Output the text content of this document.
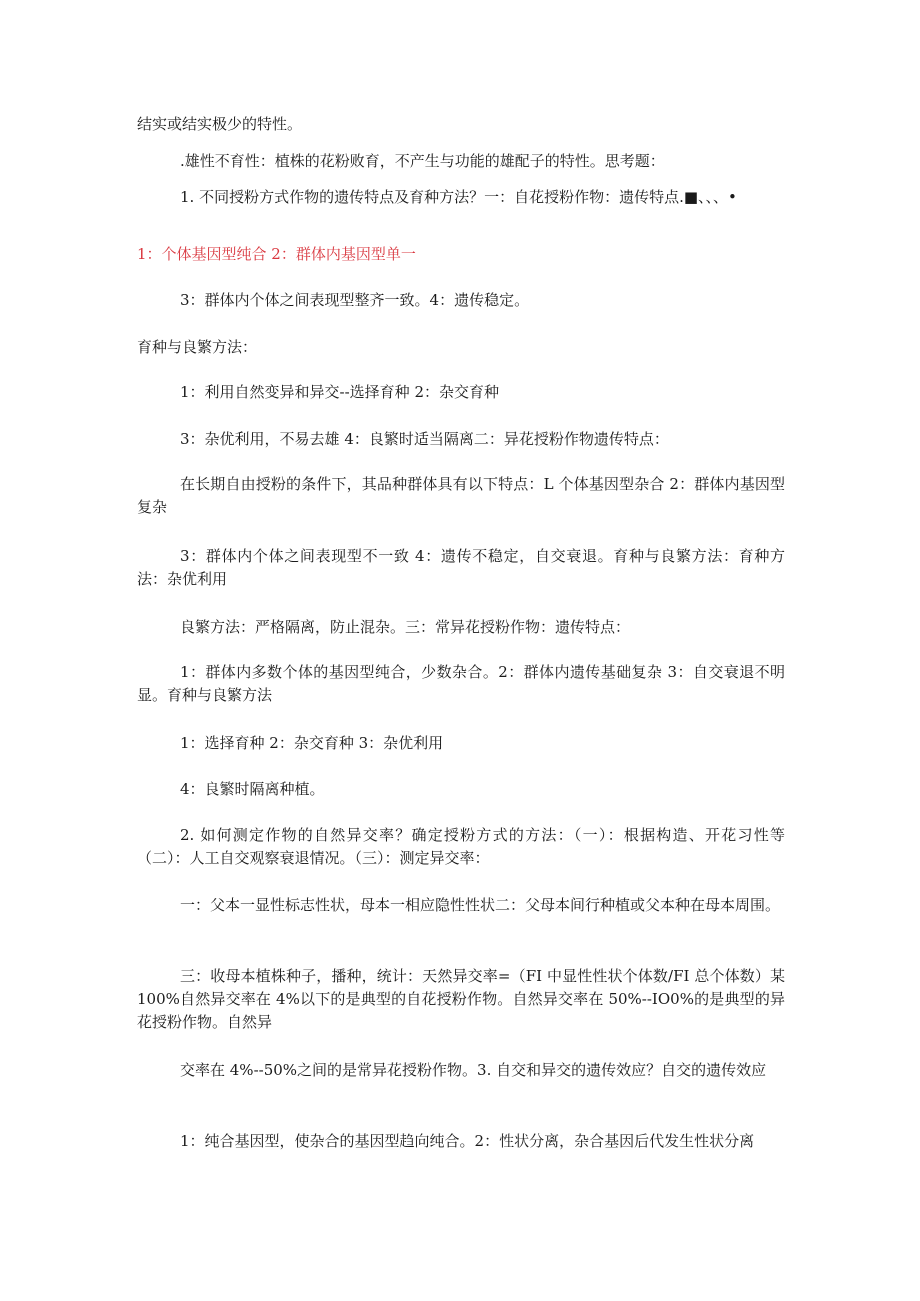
结实或结实极少的特性。

.雄性不育性：植株的花粉败育，不产生与功能的雄配子的特性。思考题：

1. 不同授粉方式作物的遗传特点及育种方法？一：自花授粉作物：遗传特点.■、、、•

1：个体基因型纯合 2：群体内基因型单一

3：群体内个体之间表现型整齐一致。4：遗传稳定。

育种与良繁方法：

1：利用自然变异和异交--选择育种 2：杂交育种

3：杂优利用，不易去雄 4：良繁时适当隔离二：异花授粉作物遗传特点：

在长期自由授粉的条件下，其品种群体具有以下特点：L 个体基因型杂合 2：群体内基因型复杂

3：群体内个体之间表现型不一致 4：遗传不稳定，自交衰退。育种与良繁方法：育种方法：杂优利用

良繁方法：严格隔离，防止混杂。三：常异花授粉作物：遗传特点：

1：群体内多数个体的基因型纯合，少数杂合。2：群体内遗传基础复杂 3：自交衰退不明显。育种与良繁方法

1：选择育种 2：杂交育种 3：杂优利用

4：良繁时隔离种植。

2. 如何测定作物的自然异交率？确定授粉方式的方法：（一）：根据构造、开花习性等（二）：人工自交观察衰退情况。（三）：测定异交率：

一：父本一显性标志性状，母本一相应隐性性状二：父母本间行种植或父本种在母本周围。

三：收母本植株种子，播种，统计：天然异交率=（FI 中显性性状个体数/FI 总个体数）某 100%自然异交率在 4%以下的是典型的自花授粉作物。自然异交率在 50%--IO0%的是典型的异花授粉作物。自然异

交率在 4%--50%之间的是常异花授粉作物。3. 自交和异交的遗传效应？自交的遗传效应

1：纯合基因型，使杂合的基因型趋向纯合。2：性状分离，杂合基因后代发生性状分离
